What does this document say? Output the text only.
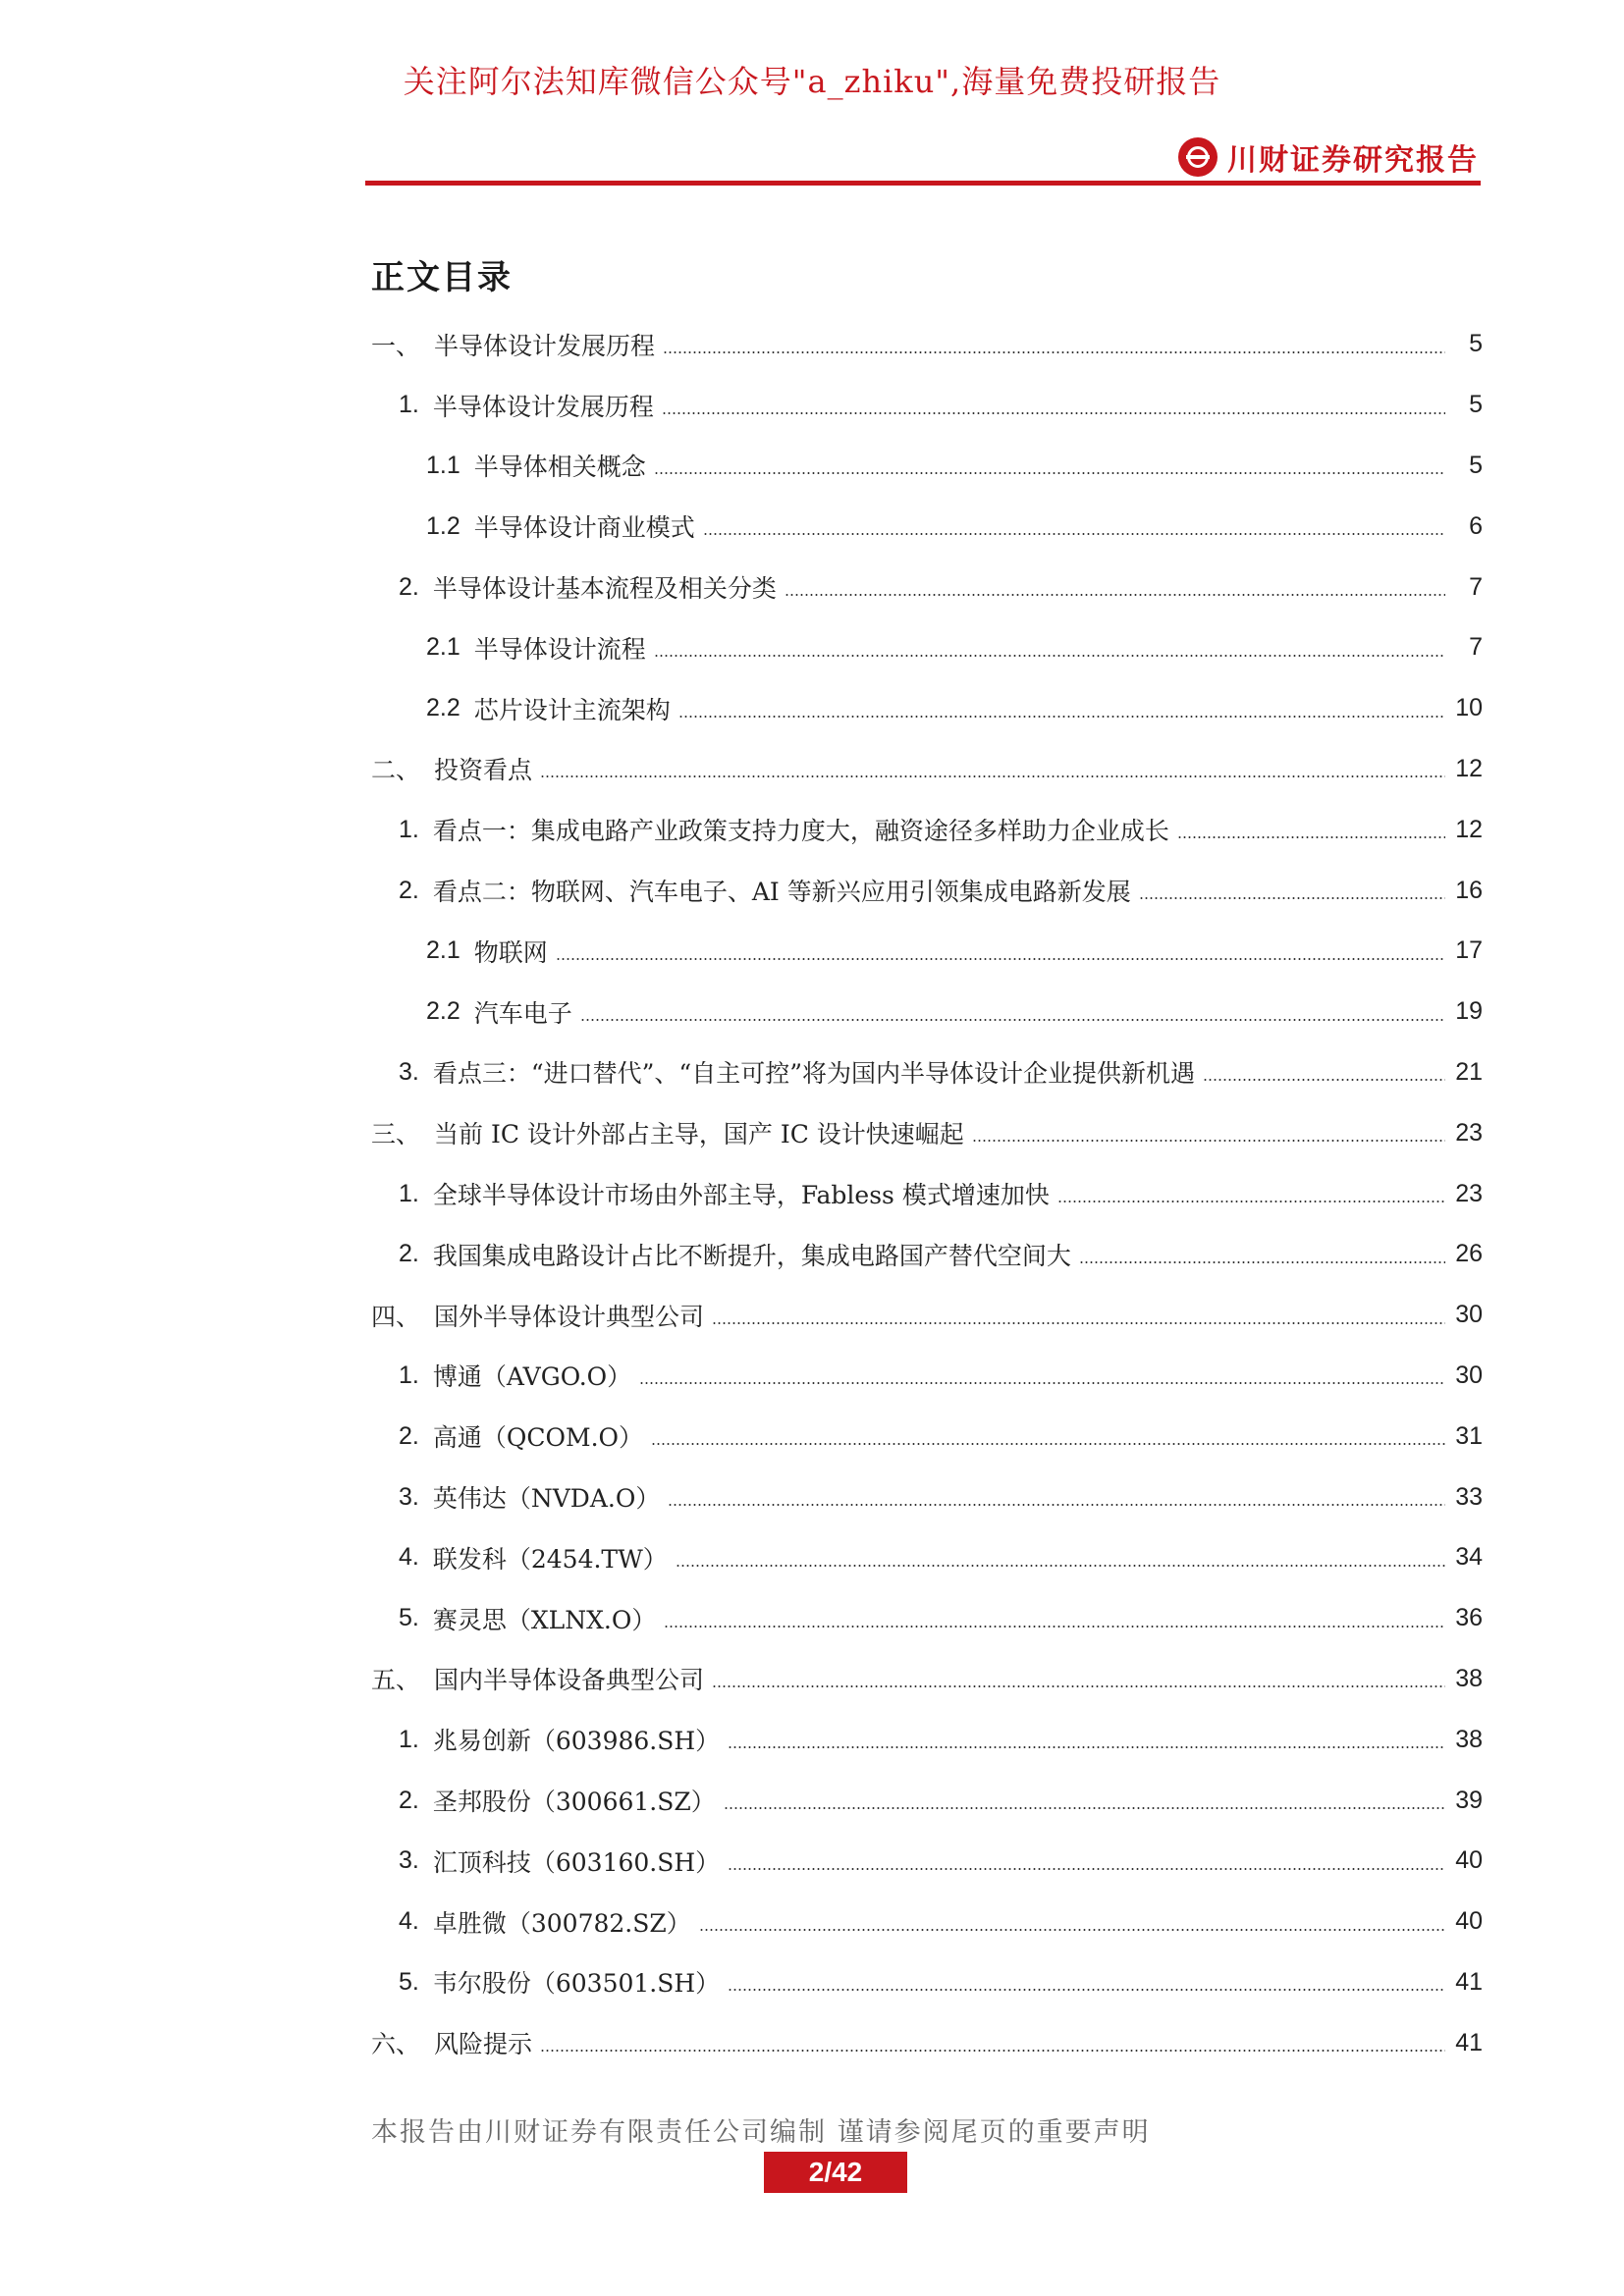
关注阿尔法知库微信公众号"a_zhiku",海量免费投研报告
川财证券研究报告
正文目录
一、 半导体设计发展历程	5
1. 半导体设计发展历程	5
1.1 半导体相关概念	5
1.2 半导体设计商业模式	6
2. 半导体设计基本流程及相关分类	7
2.1 半导体设计流程	7
2.2 芯片设计主流架构	10
二、 投资看点	12
1. 看点一：集成电路产业政策支持力度大，融资途径多样助力企业成长	12
2. 看点二：物联网、汽车电子、AI 等新兴应用引领集成电路新发展	16
2.1 物联网	17
2.2 汽车电子	19
3. 看点三：“进口替代”、“自主可控”将为国内半导体设计企业提供新机遇	21
三、 当前 IC 设计外部占主导，国产 IC 设计快速崛起	23
1. 全球半导体设计市场由外部主导，Fabless 模式增速加快	23
2. 我国集成电路设计占比不断提升，集成电路国产替代空间大	26
四、 国外半导体设计典型公司	30
1. 博通（AVGO.O）	30
2. 高通（QCOM.O）	31
3. 英伟达（NVDA.O）	33
4. 联发科（2454.TW）	34
5. 赛灵思（XLNX.O）	36
五、 国内半导体设备典型公司	38
1. 兆易创新（603986.SH）	38
2. 圣邦股份（300661.SZ）	39
3. 汇顶科技（603160.SH）	40
4. 卓胜微（300782.SZ）	40
5. 韦尔股份（603501.SH）	41
六、 风险提示	41
本报告由川财证券有限责任公司编制 谨请参阅尾页的重要声明
2/42
